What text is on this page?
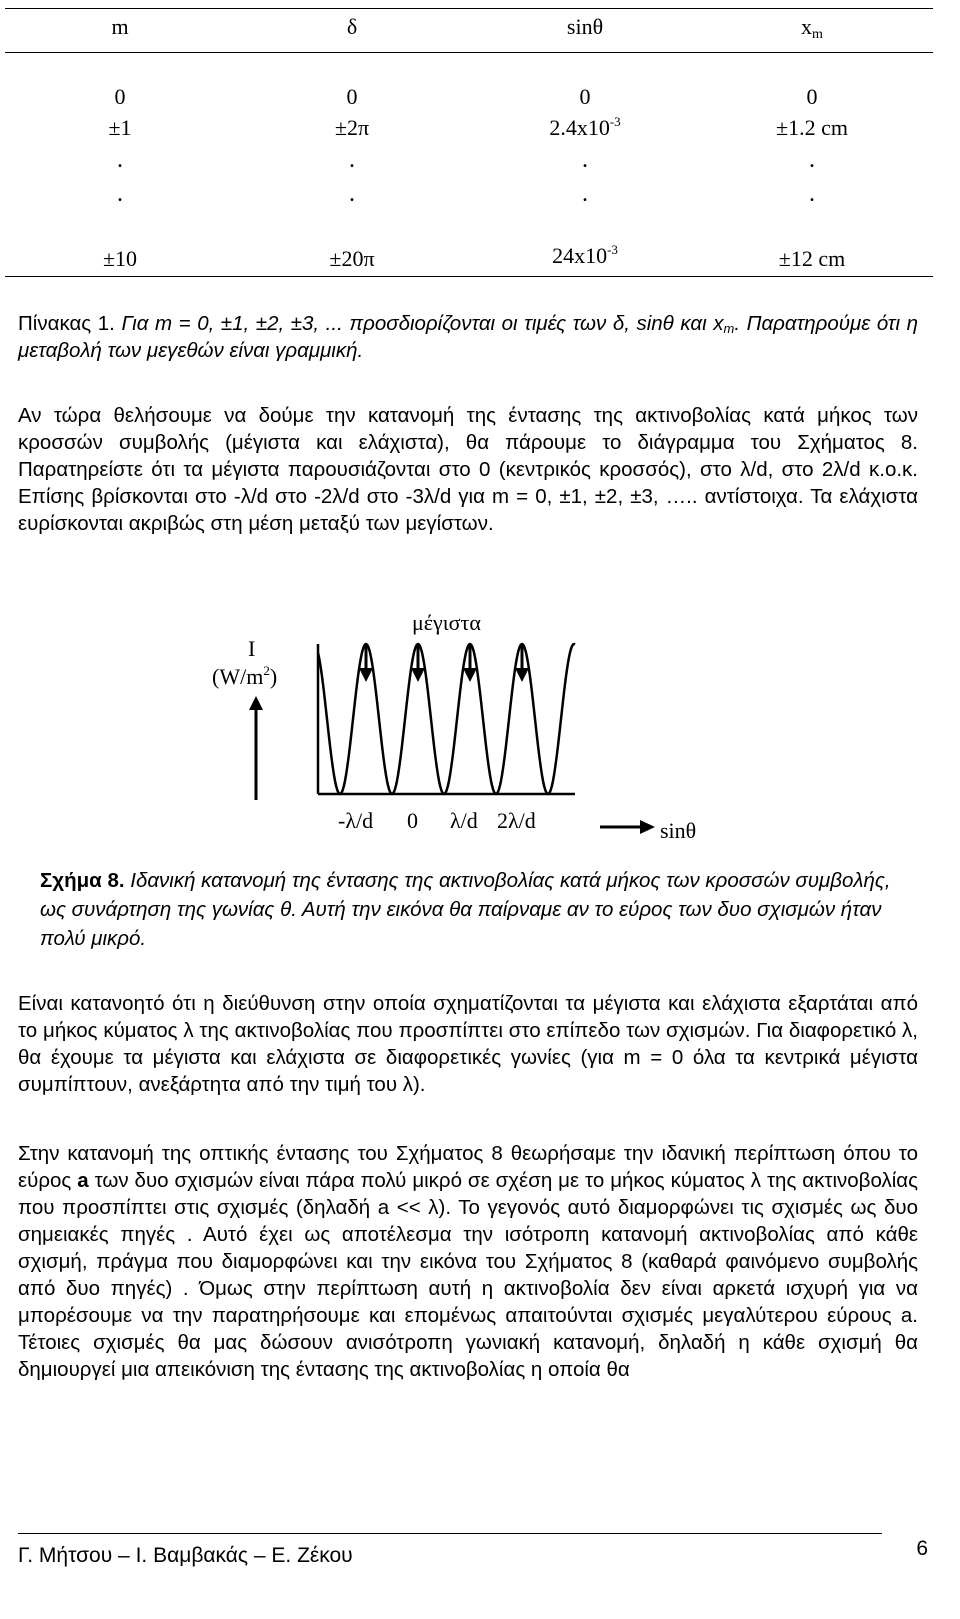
m	δ	sinθ	$x_m$
0	0	0	0
±1	±2π	$2.4x10^{-3}$	±1.2 cm
.	.	.	.
.	.	.	.
±10	±20π	$24x10^{-3}$	±12 cm
Πίνακας 1. Για m = 0, ±1, ±2, ±3, ... προσδιορίζονται οι τιμές των δ, sinθ και $x_m$. Παρατηρούμε ότι η μεταβολή των μεγεθών είναι γραμμική.
Αν τώρα θελήσουμε να δούμε την κατανομή της έντασης της ακτινοβολίας κατά μήκος των κροσσών συμβολής (μέγιστα και ελάχιστα), θα πάρουμε το διάγραμμα του Σχήματος 8. Παρατηρείστε ότι τα μέγιστα παρουσιάζονται στο 0 (κεντρικός κροσσός), στο λ/d, στο 2λ/d κ.ο.κ. Επίσης βρίσκονται στο -λ/d στο -2λ/d στο -3λ/d για m = 0, ±1, ±2, ±3, ….. αντίστοιχα. Τα ελάχιστα ευρίσκονται ακριβώς στη μέση μεταξύ των μεγίστων.
μέγιστα
I
$(W/m^2)$
-λ/d 0 λ/d 2λ/d	sinθ
Σχήμα 8. Ιδανική κατανομή της έντασης της ακτινοβολίας κατά μήκος των κροσσών συμβολής, ως συνάρτηση της γωνίας θ. Αυτή την εικόνα θα παίρναμε αν το εύρος των δυο σχισμών ήταν πολύ μικρό.
Είναι κατανοητό ότι η διεύθυνση στην οποία σχηματίζονται τα μέγιστα και ελάχιστα εξαρτάται από το μήκος κύματος λ της ακτινοβολίας που προσπίπτει στο επίπεδο των σχισμών. Για διαφορετικό λ, θα έχουμε τα μέγιστα και ελάχιστα σε διαφορετικές γωνίες (για m = 0 όλα τα κεντρικά μέγιστα συμπίπτουν, ανεξάρτητα από την τιμή του λ).
Στην κατανομή της οπτικής έντασης του Σχήματος 8 θεωρήσαμε την ιδανική περίπτωση όπου το εύρος a των δυο σχισμών είναι πάρα πολύ μικρό σε σχέση με το μήκος κύματος λ της ακτινοβολίας που προσπίπτει στις σχισμές (δηλαδή a << λ). Το γεγονός αυτό διαμορφώνει τις σχισμές ως δυο σημειακές πηγές . Αυτό έχει ως αποτέλεσμα την ισότροπη κατανομή ακτινοβολίας από κάθε σχισμή, πράγμα που διαμορφώνει και την εικόνα του Σχήματος 8 (καθαρά φαινόμενο συμβολής από δυο πηγές) . Όμως στην περίπτωση αυτή η ακτινοβολία δεν είναι αρκετά ισχυρή για να μπορέσουμε να την παρατηρήσουμε και επομένως απαιτούνται σχισμές μεγαλύτερου εύρους a. Τέτοιες σχισμές θα μας δώσουν ανισότροπη γωνιακή κατανομή, δηλαδή η κάθε σχισμή θα δημιουργεί μια απεικόνιση της έντασης της ακτινοβολίας η οποία θα
Γ. Μήτσου – Ι. Βαμβακάς – Ε. Ζέκου	6
